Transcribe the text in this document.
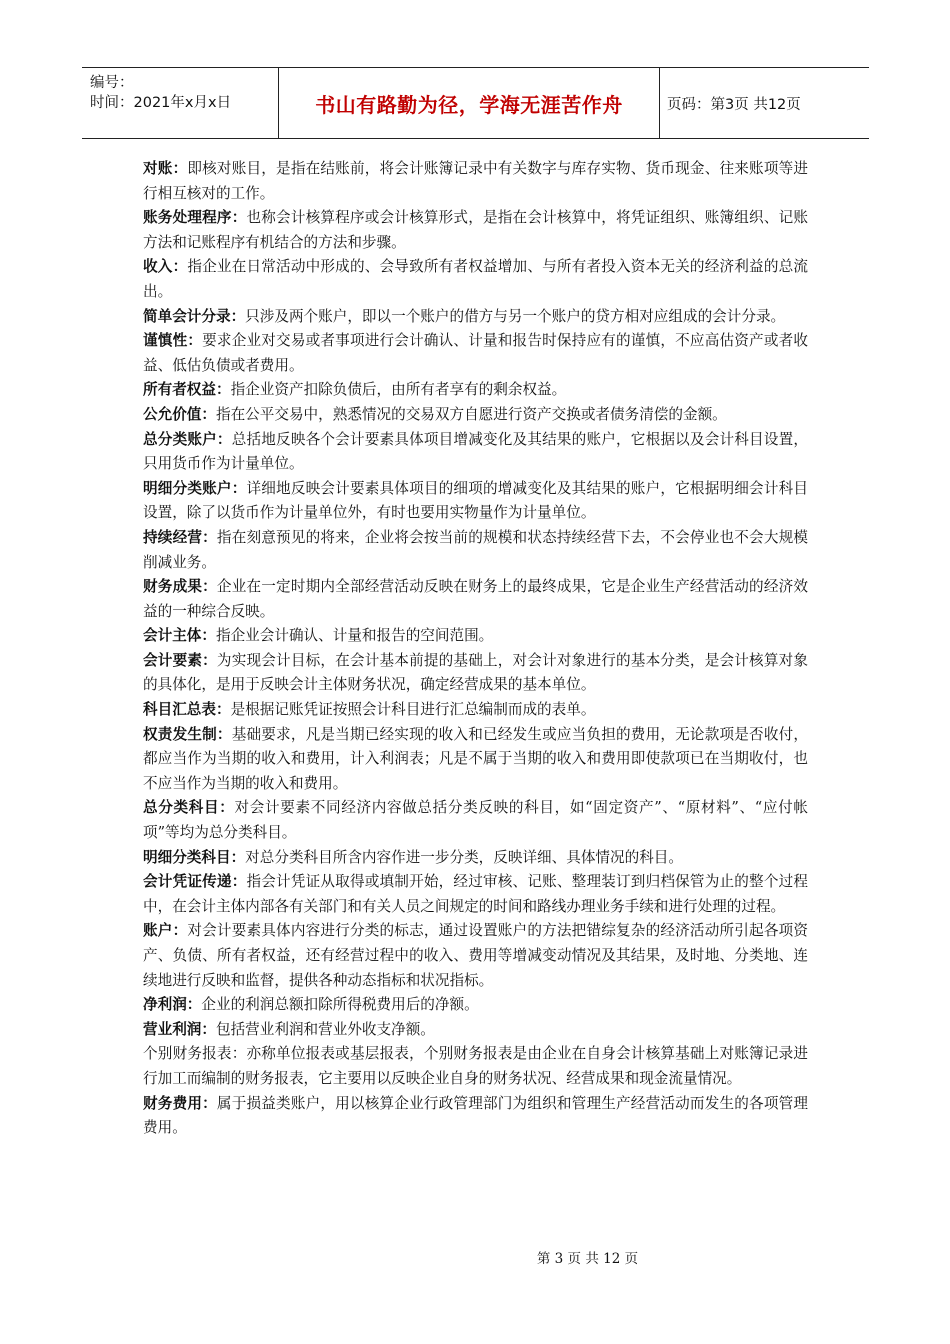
编号：
时间：2021年x月x日	书山有路勤为径，学海无涯苦作舟	页码：第3页 共12页

对账：即核对账目，是指在结账前，将会计账簿记录中有关数字与库存实物、货币现金、往来账项等进行相互核对的工作。

账务处理程序：也称会计核算程序或会计核算形式，是指在会计核算中，将凭证组织、账簿组织、记账方法和记账程序有机结合的方法和步骤。

收入：指企业在日常活动中形成的、会导致所有者权益增加、与所有者投入资本无关的经济利益的总流出。

简单会计分录：只涉及两个账户，即以一个账户的借方与另一个账户的贷方相对应组成的会计分录。

谨慎性：要求企业对交易或者事项进行会计确认、计量和报告时保持应有的谨慎，不应高估资产或者收益、低估负债或者费用。

所有者权益：指企业资产扣除负债后，由所有者享有的剩余权益。

公允价值：指在公平交易中，熟悉情况的交易双方自愿进行资产交换或者债务清偿的金额。

总分类账户：总括地反映各个会计要素具体项目增减变化及其结果的账户，它根据以及会计科目设置，只用货币作为计量单位。

明细分类账户：详细地反映会计要素具体项目的细项的增减变化及其结果的账户，它根据明细会计科目设置，除了以货币作为计量单位外，有时也要用实物量作为计量单位。

持续经营：指在刻意预见的将来，企业将会按当前的规模和状态持续经营下去，不会停业也不会大规模削减业务。

财务成果：企业在一定时期内全部经营活动反映在财务上的最终成果，它是企业生产经营活动的经济效益的一种综合反映。

会计主体：指企业会计确认、计量和报告的空间范围。

会计要素：为实现会计目标，在会计基本前提的基础上，对会计对象进行的基本分类，是会计核算对象的具体化，是用于反映会计主体财务状况，确定经营成果的基本单位。

科目汇总表：是根据记账凭证按照会计科目进行汇总编制而成的表单。

权责发生制：基础要求，凡是当期已经实现的收入和已经发生或应当负担的费用，无论款项是否收付，都应当作为当期的收入和费用，计入利润表；凡是不属于当期的收入和费用即使款项已在当期收付，也不应当作为当期的收入和费用。

总分类科目：对会计要素不同经济内容做总括分类反映的科目，如“固定资产”、“原材料”、“应付帐项”等均为总分类科目。

明细分类科目：对总分类科目所含内容作进一步分类，反映详细、具体情况的科目。

会计凭证传递：指会计凭证从取得或填制开始，经过审核、记账、整理装订到归档保管为止的整个过程中，在会计主体内部各有关部门和有关人员之间规定的时间和路线办理业务手续和进行处理的过程。

账户：对会计要素具体内容进行分类的标志，通过设置账户的方法把错综复杂的经济活动所引起各项资产、负债、所有者权益，还有经营过程中的收入、费用等增减变动情况及其结果，及时地、分类地、连续地进行反映和监督，提供各种动态指标和状况指标。

净利润：企业的利润总额扣除所得税费用后的净额。

营业利润：包括营业利润和营业外收支净额。

个别财务报表：亦称单位报表或基层报表，个别财务报表是由企业在自身会计核算基础上对账簿记录进行加工而编制的财务报表，它主要用以反映企业自身的财务状况、经营成果和现金流量情况。

财务费用：属于损益类账户，用以核算企业行政管理部门为组织和管理生产经营活动而发生的各项管理费用。

第 3 页 共 12 页
